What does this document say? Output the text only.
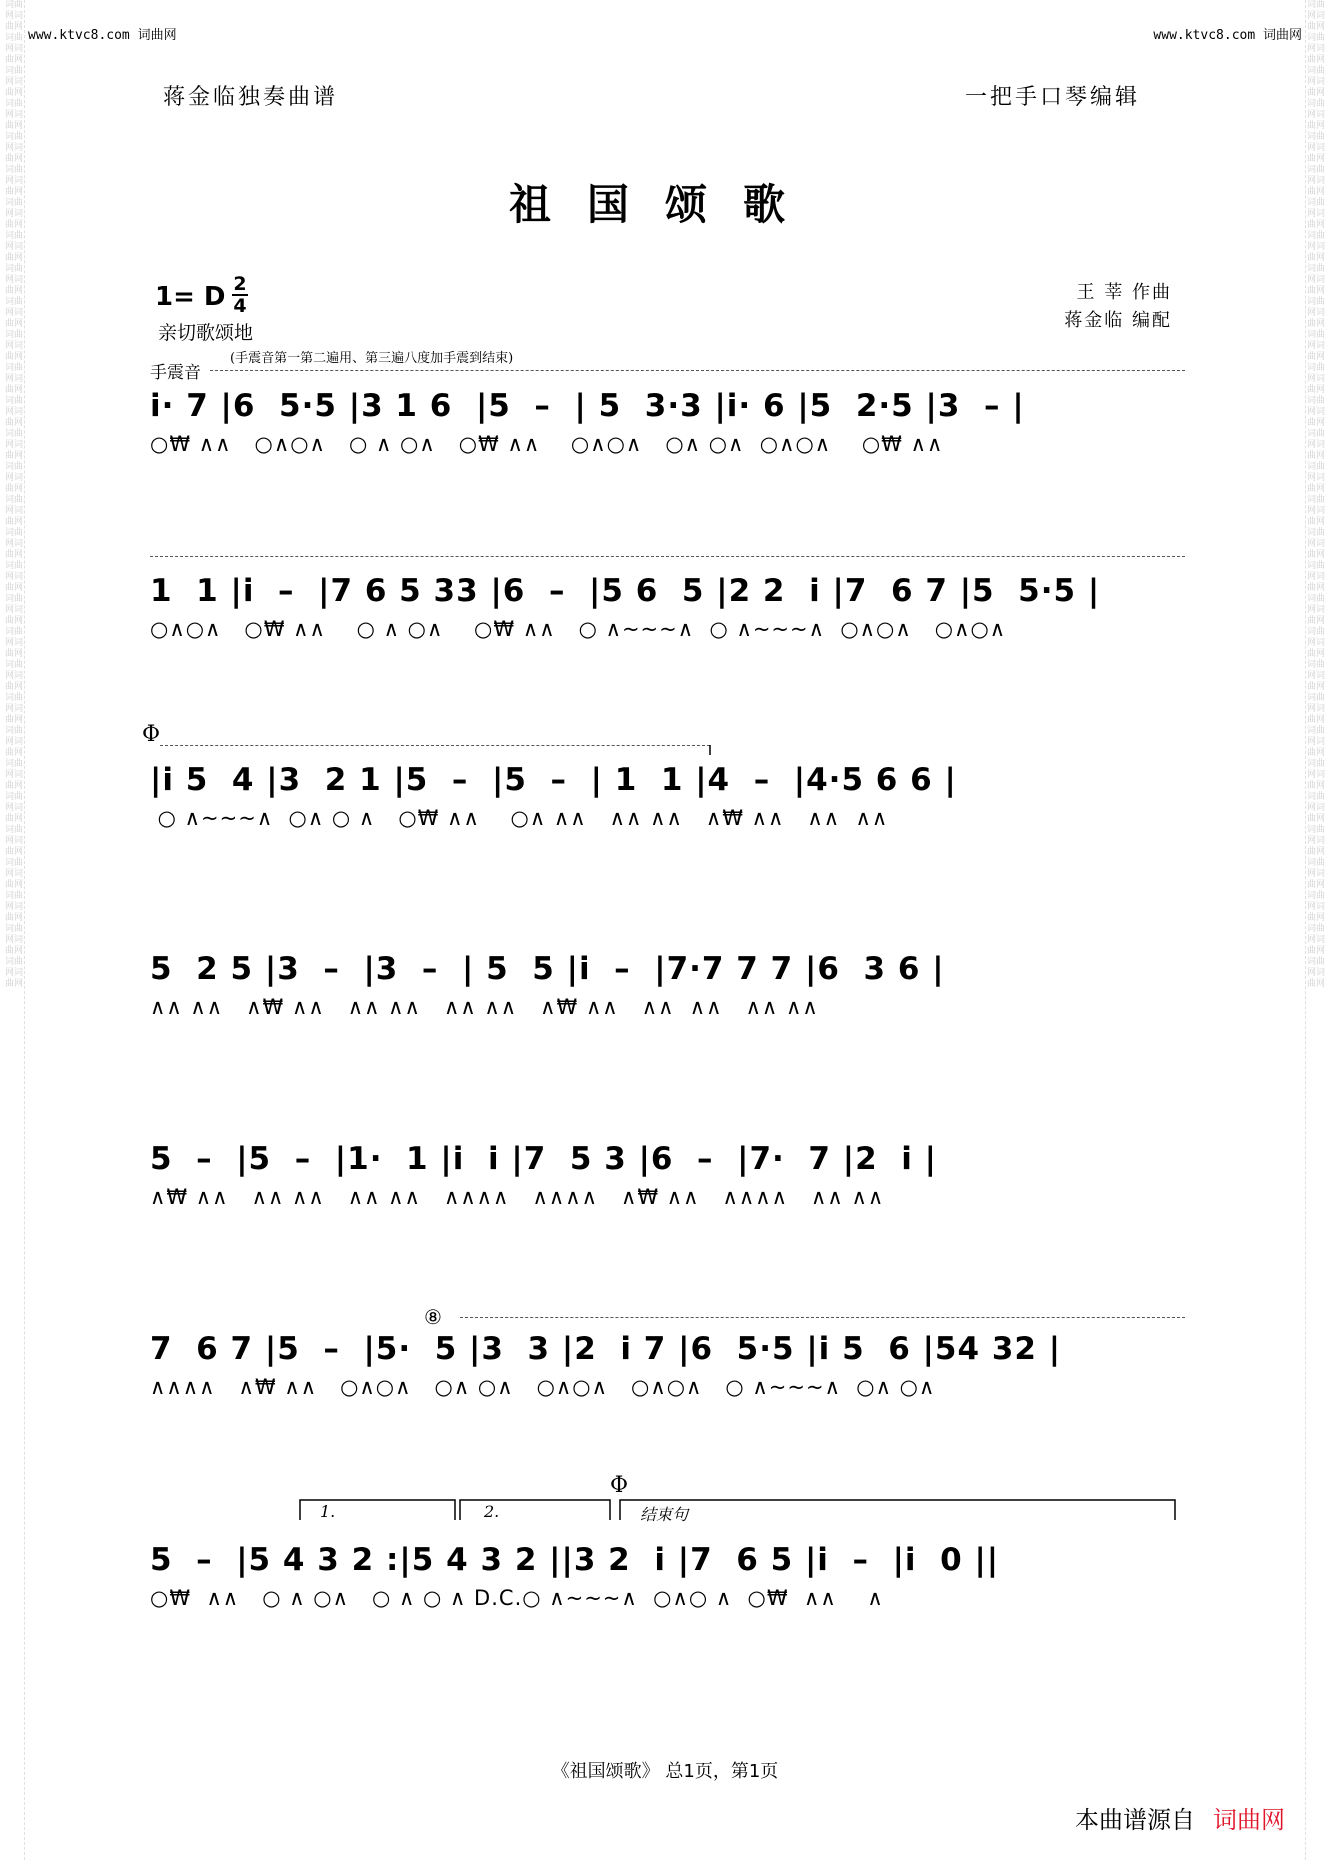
词曲网词曲网词曲网词曲网词曲网词曲网词曲网词曲网词曲网词曲网词曲网词曲网词曲网词曲网词曲网词曲网词曲网词曲网词曲网词曲网词曲网词曲网词曲网词曲网词曲网词曲网词曲网词曲网词曲网词曲网词曲网词曲网词曲网词曲网词曲网词曲网词曲网词曲网词曲网词曲网词曲网词曲网词曲网词曲网词曲网词曲网词曲网词曲网词曲网词曲网词曲网词曲网词曲网词曲网词曲网词曲网词曲网词曲网词曲网词曲网
词曲网词曲网词曲网词曲网词曲网词曲网词曲网词曲网词曲网词曲网词曲网词曲网词曲网词曲网词曲网词曲网词曲网词曲网词曲网词曲网词曲网词曲网词曲网词曲网词曲网词曲网词曲网词曲网词曲网词曲网词曲网词曲网词曲网词曲网词曲网词曲网词曲网词曲网词曲网词曲网词曲网词曲网词曲网词曲网词曲网词曲网词曲网词曲网词曲网词曲网词曲网词曲网词曲网词曲网词曲网词曲网词曲网词曲网词曲网词曲网
www.ktvc8.com 词曲网	www.ktvc8.com 词曲网
蒋金临独奏曲谱	一把手口琴编辑
祖国颂歌
1= D 2
4
亲切歌颂地
王 莘 作曲
蒋金临 编配
手震音
(手震音第一第二遍用、第三遍八度加手震到结束)
Φ
⑧
Φ
1.	2.	结束句
i· 7 |6  5·5 |3 1 6  |5  –  | 5  3·3 |i· 6 |5  2·5 |3  – |
○₩ ∧∧   ○∧○∧   ○ ∧ ○∧   ○₩ ∧∧    ○∧○∧   ○∧ ○∧  ○∧○∧    ○₩ ∧∧
1  1 |i  –  |7 6 5 33 |6  –  |5 6  5 |2 2  i |7  6 7 |5  5·5 |
○∧○∧   ○₩ ∧∧    ○ ∧ ○∧    ○₩ ∧∧   ○ ∧~~~∧  ○ ∧~~~∧  ○∧○∧   ○∧○∧
|i 5  4 |3  2 1 |5  –  |5  –  | 1  1 |4  –  |4·5 6 6 |
○ ∧~~~∧  ○∧ ○ ∧   ○₩ ∧∧    ○∧ ∧∧   ∧∧ ∧∧   ∧₩ ∧∧   ∧∧  ∧∧
5  2 5 |3  –  |3  –  | 5  5 |i  –  |7·7 7 7 |6  3 6 |
∧∧ ∧∧   ∧₩ ∧∧   ∧∧ ∧∧   ∧∧ ∧∧   ∧₩ ∧∧   ∧∧  ∧∧   ∧∧ ∧∧
5  –  |5  –  |1·  1 |i  i |7  5 3 |6  –  |7·  7 |2  i |
∧₩ ∧∧   ∧∧ ∧∧   ∧∧ ∧∧   ∧∧∧∧   ∧∧∧∧   ∧₩ ∧∧   ∧∧∧∧   ∧∧ ∧∧
7  6 7 |5  –  |5·  5 |3  3 |2  i 7 |6  5·5 |i 5  6 |54 32 |
∧∧∧∧   ∧₩ ∧∧   ○∧○∧   ○∧ ○∧   ○∧○∧   ○∧○∧   ○ ∧~~~∧  ○∧ ○∧
5  –  |5 4 3 2 :|5 4 3 2 ||3 2  i |7  6 5 |i  –  |i  0 ||
○₩  ∧∧   ○ ∧ ○∧   ○ ∧ ○ ∧ D.C.○ ∧~~~∧  ○∧○ ∧  ○₩  ∧∧    ∧
《祖国颂歌》 总1页，第1页
本曲谱源自 词曲网
